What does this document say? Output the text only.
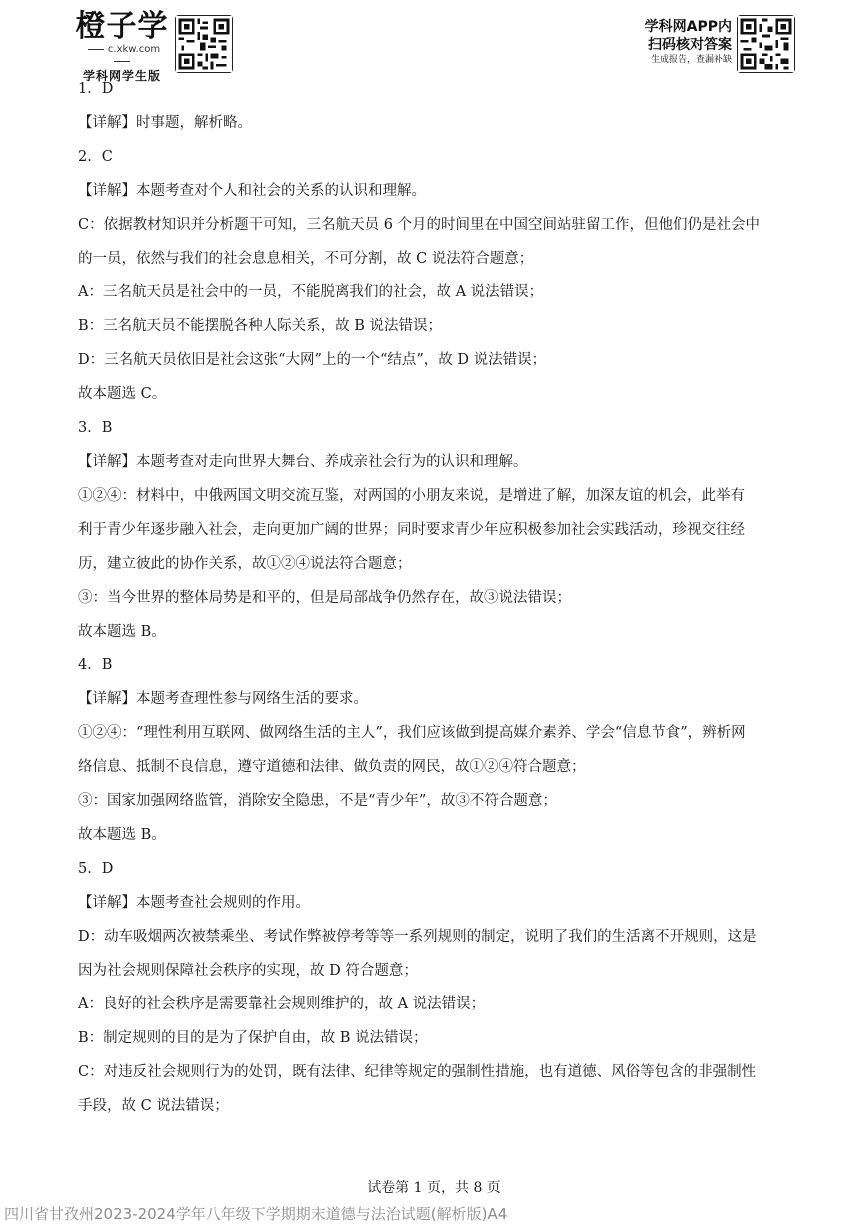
橙子学
c.xkw.com
学科网学生版
学科网APP内
扫码核对答案
生成报告，查漏补缺
1．D
【详解】时事题，解析略。
2．C
【详解】本题考查对个人和社会的关系的认识和理解。
C：依据教材知识并分析题干可知，三名航天员 6 个月的时间里在中国空间站驻留工作，但他们仍是社会中
的一员，依然与我们的社会息息相关，不可分割，故 C 说法符合题意；
A：三名航天员是社会中的一员，不能脱离我们的社会，故 A 说法错误；
B：三名航天员不能摆脱各种人际关系，故 B 说法错误；
D：三名航天员依旧是社会这张“大网”上的一个“结点”，故 D 说法错误；
故本题选 C。
3．B
【详解】本题考查对走向世界大舞台、养成亲社会行为的认识和理解。
①②④：材料中，中俄两国文明交流互鉴，对两国的小朋友来说，是增进了解，加深友谊的机会，此举有
利于青少年逐步融入社会，走向更加广阔的世界；同时要求青少年应积极参加社会实践活动，珍视交往经
历，建立彼此的协作关系，故①②④说法符合题意；
③：当今世界的整体局势是和平的，但是局部战争仍然存在，故③说法错误；
故本题选 B。
4．B
【详解】本题考查理性参与网络生活的要求。
①②④：“理性利用互联网、做网络生活的主人”，我们应该做到提高媒介素养、学会“信息节食”，辨析网
络信息、抵制不良信息，遵守道德和法律、做负责的网民，故①②④符合题意；
③：国家加强网络监管，消除安全隐患，不是“青少年”，故③不符合题意；
故本题选 B。
5．D
【详解】本题考查社会规则的作用。
D：动车吸烟两次被禁乘坐、考试作弊被停考等等一系列规则的制定，说明了我们的生活离不开规则，这是
因为社会规则保障社会秩序的实现，故 D 符合题意；
A：良好的社会秩序是需要靠社会规则维护的，故 A 说法错误；
B：制定规则的目的是为了保护自由，故 B 说法错误；
C：对违反社会规则行为的处罚，既有法律、纪律等规定的强制性措施，也有道德、风俗等包含的非强制性
手段，故 C 说法错误；
试卷第 1 页，共 8 页
四川省甘孜州2023-2024学年八年级下学期期末道德与法治试题(解析版)A4
